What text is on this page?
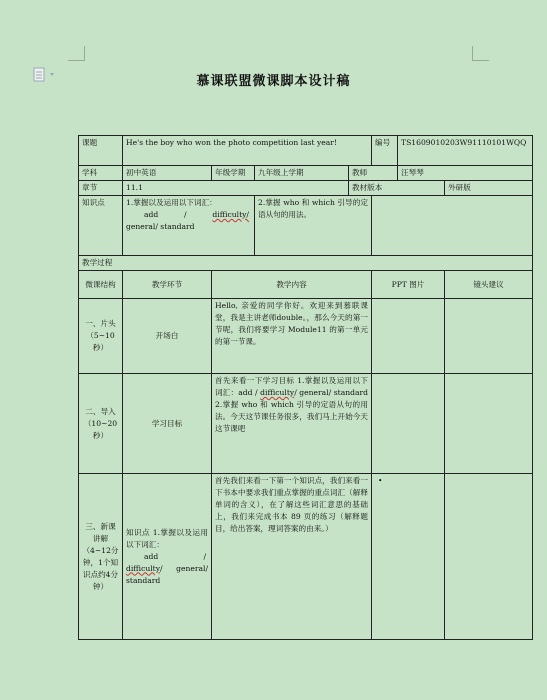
慕课联盟微课脚本设计稿
课题	He's the boy who won the photo competition last year!				编号	TS1609010203W91110101WQQ	
学科	初中英语	年级学期	九年级上学期	教师		汪琴琴	
章节	11.1			教材版本			外研版
知识点	1.掌握以及运用以下词汇：
add / difficulty/
general/ standard		2.掌握 who 和 which 引导的定语从句的用法。				
教学过程							
微课结构	教学环节	教学内容			PPT 图片		镜头建议
一、片头（5~10秒）	开场白	Hello, 亲爱的同学你好。欢迎来到慕联课堂，我是主讲老师double。，那么今天的第一节呢，我们将要学习 Module11 的第一单元的第一节课。					
二、导入（10~20秒）	学习目标	首先来看一下学习目标 1.掌握以及运用以下词汇：add / difficulty/ general/ standard 2.掌握 who 和 which 引导的定语从句的用法。今天这节课任务很多，我们马上开始今天这节课吧					
三、新课讲解（4~12分钟，1个知识点约4分钟）	知识点 1.掌握以及运用以下词汇：
add /
difficulty/ general/ standard	首先我们来看一下第一个知识点，我们来看一下书本中要求我们重点掌握的重点词汇（解释单词的含义），在了解这些词汇意思的基础上，我们来完成书本 89 页的练习（解释题目，给出答案，理词答案的由来。）			•		
